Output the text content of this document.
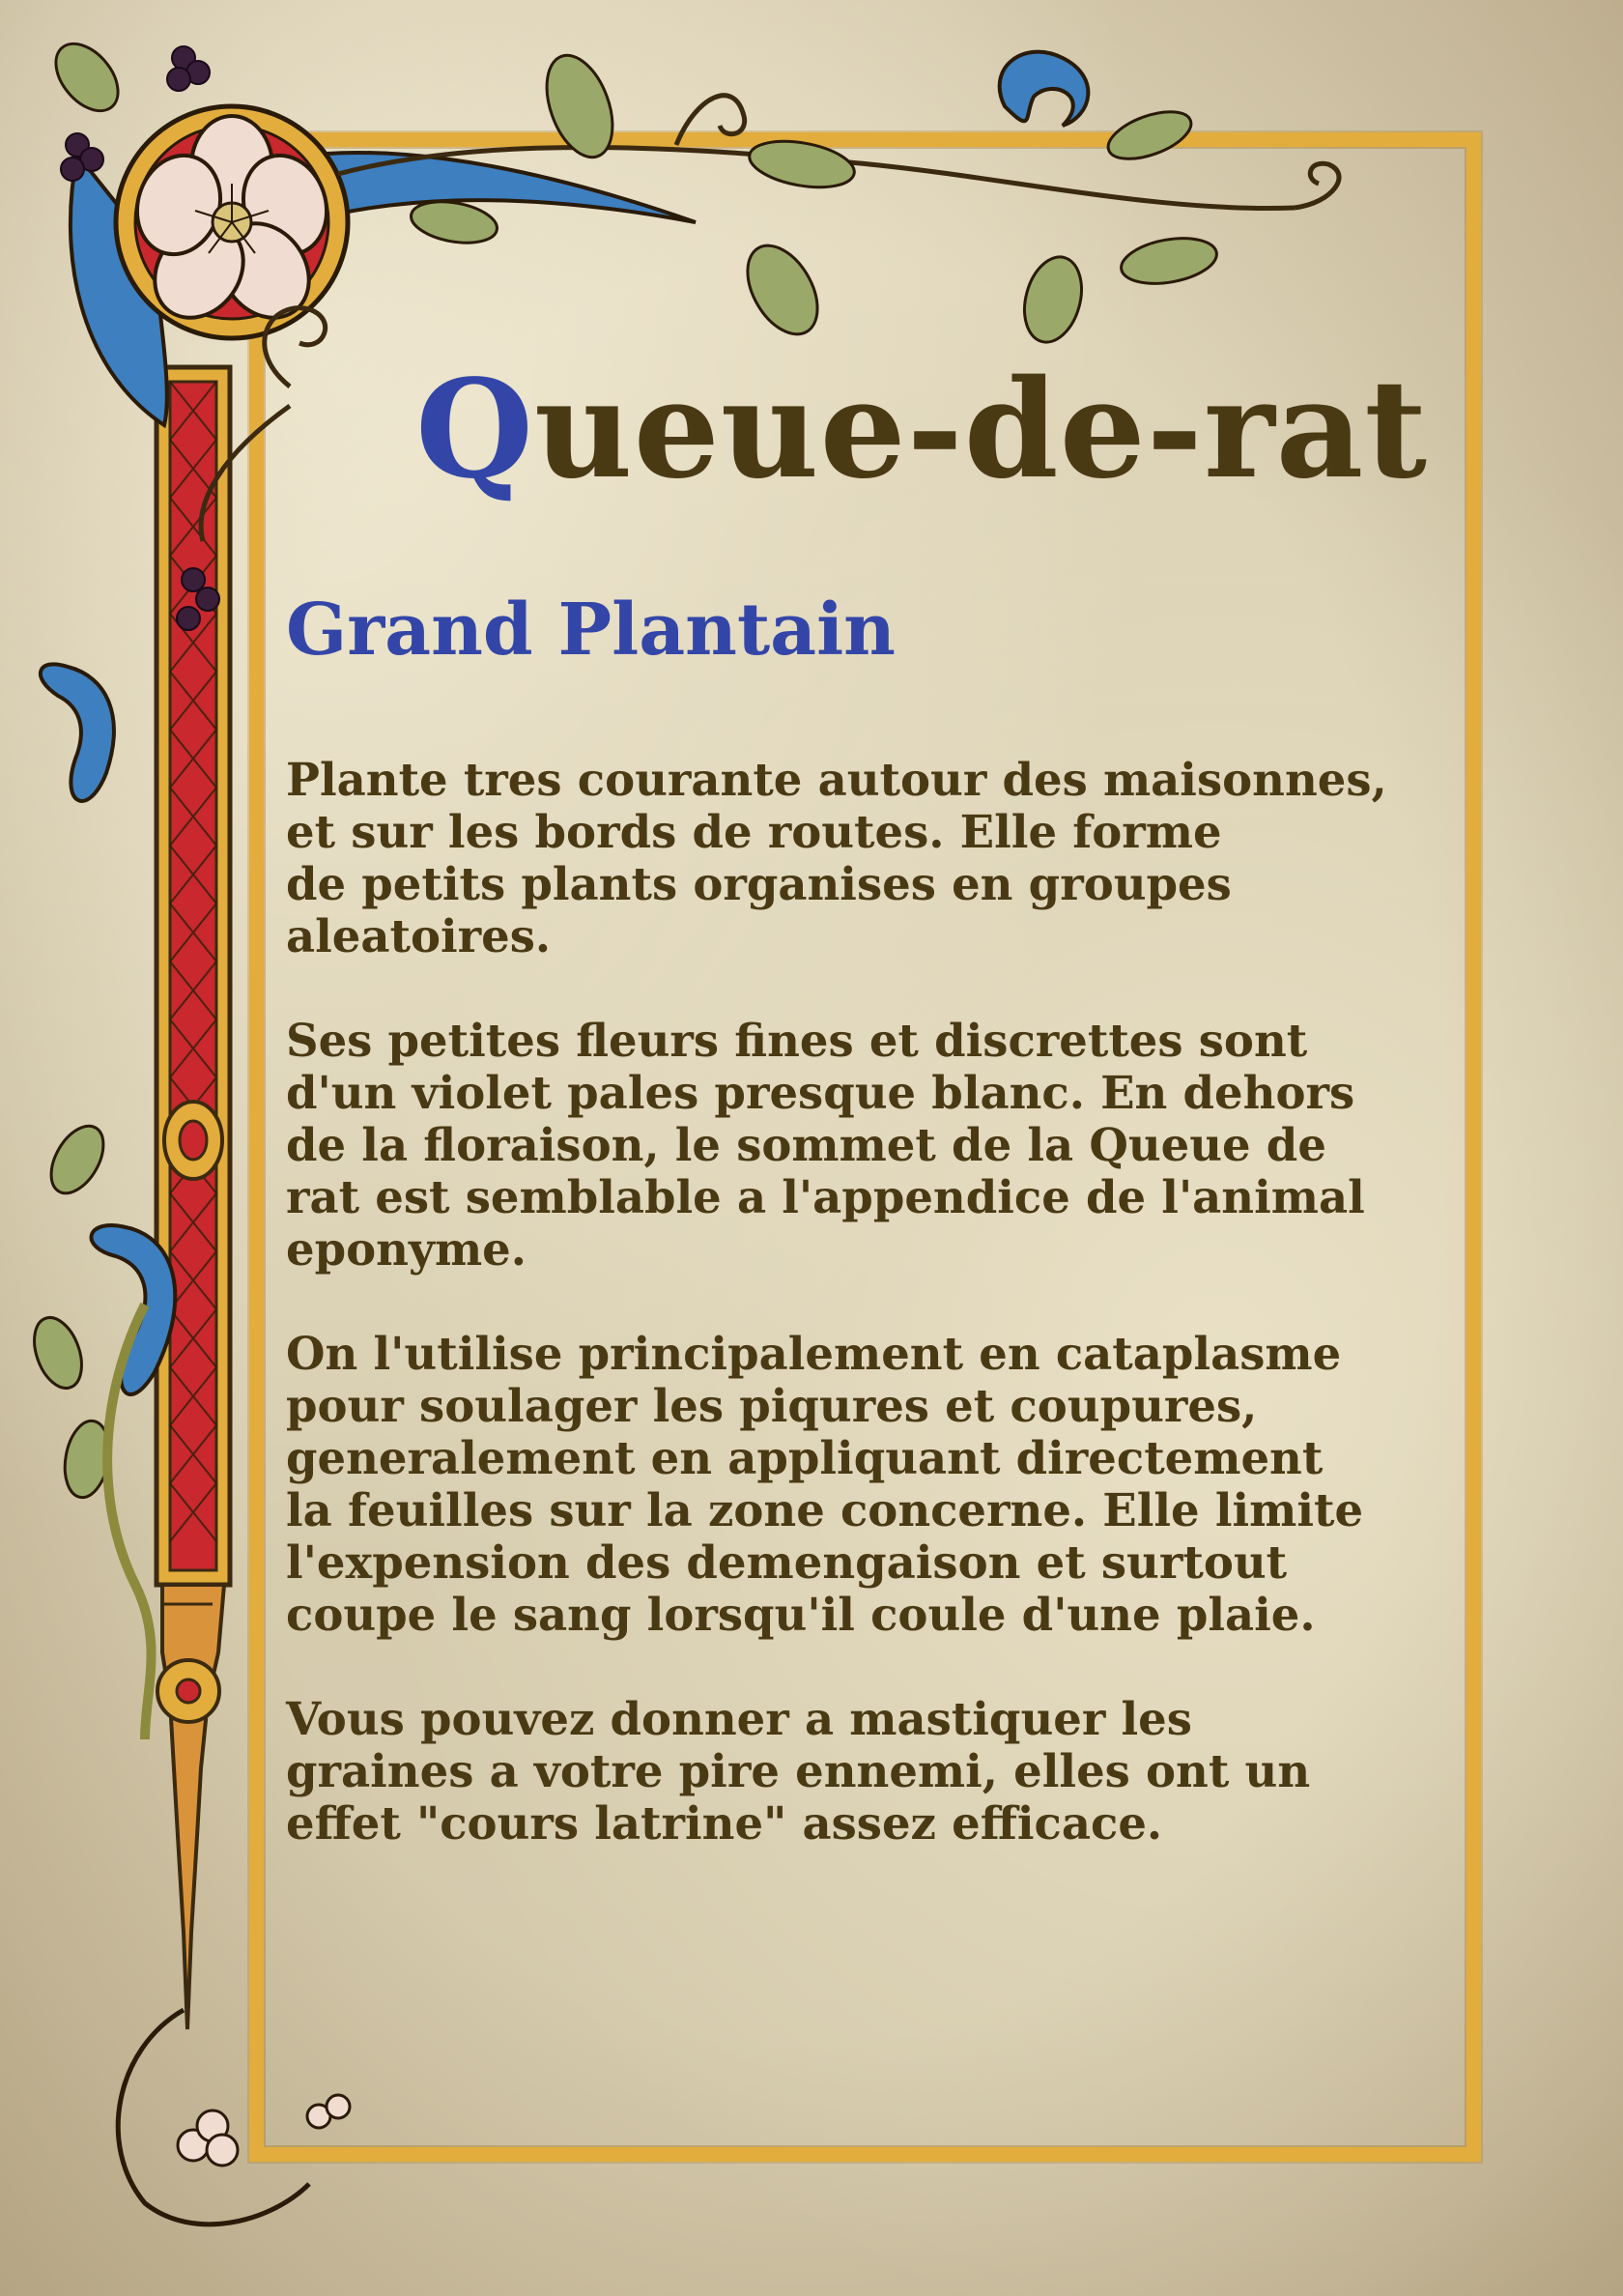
Queue-de-rat
Grand Plantain
Plante tres courante autour des maisonnes,
et sur les bords de routes. Elle forme
de petits plants organises en groupes
aleatoires.
Ses petites fleurs fines et discrettes sont
d'un violet pales presque blanc. En dehors
de la floraison, le sommet de la Queue de
rat est semblable a l'appendice de l'animal
eponyme.
On l'utilise principalement en cataplasme
pour soulager les piqures et coupures,
generalement en appliquant directement
la feuilles sur la zone concerne. Elle limite
l'expension des demengaison et surtout
coupe le sang lorsqu'il coule d'une plaie.
Vous pouvez donner a mastiquer les
graines a votre pire ennemi, elles ont un
effet "cours latrine" assez efficace.
